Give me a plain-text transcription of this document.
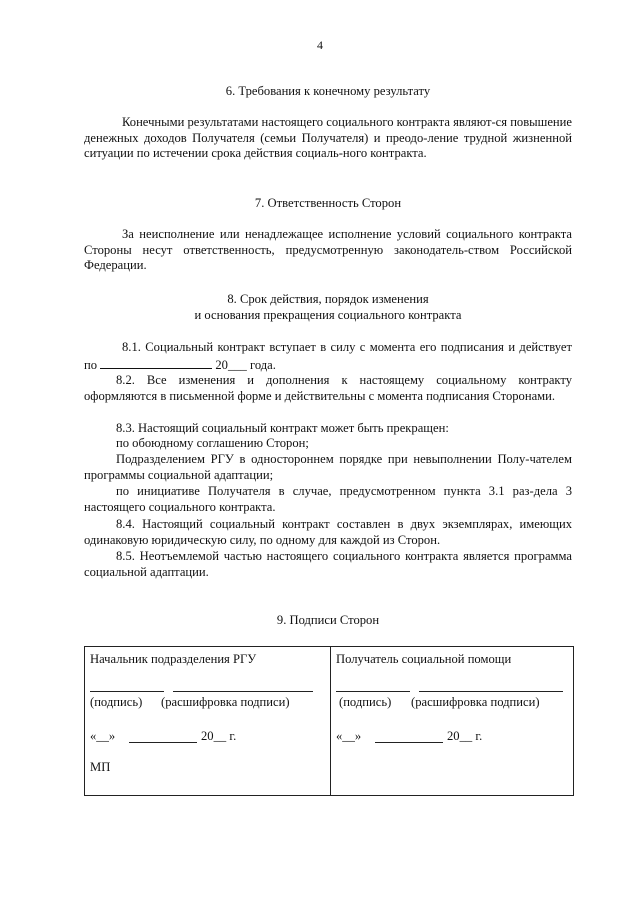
4
6. Требования к конечному результату
Конечными результатами настоящего социального контракта являют-ся повышение денежных доходов Получателя (семьи Получателя) и преодо-ление трудной жизненной ситуации по истечении срока действия социаль-ного контракта.
7. Ответственность Сторон
За неисполнение или ненадлежащее исполнение условий социального контракта Стороны несут ответственность, предусмотренную законодатель-ством Российской Федерации.
8. Срок действия, порядок изменения
и основания прекращения социального контракта
8.1. Социальный контракт вступает в силу с момента его подписания и действует по	20___ года.
8.2. Все изменения и дополнения к настоящему социальному контракту оформляются в письменной форме и действительны с момента подписания Сторонами.
8.3. Настоящий социальный контракт может быть прекращен:
по обоюдному соглашению Сторон;
Подразделением РГУ в одностороннем порядке при невыполнении Полу-чателем программы социальной адаптации;
по инициативе Получателя в случае, предусмотренном пункта 3.1 раз-дела 3 настоящего социального контракта.
8.4. Настоящий социальный контракт составлен в двух экземплярах, имеющих одинаковую юридическую силу, по одному для каждой из Сторон.
8.5. Неотъемлемой частью настоящего социального контракта является программа социальной адаптации.
9. Подписи Сторон
Начальник подразделения РГУ
(подпись) (расшифровка подписи)
«__»	20__ г.
МП
Получатель социальной помощи
(подпись) (расшифровка подписи)
«__»	20__ г.
